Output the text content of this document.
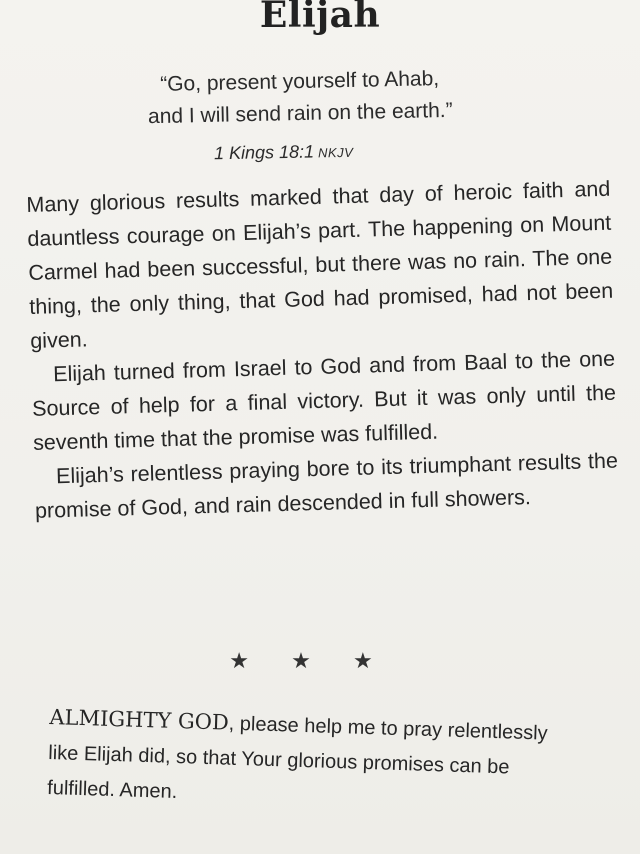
Elijah
“Go, present yourself to Ahab,
and I will send rain on the earth.”
1 Kings 18:1 NKJV

Many glorious results marked that day of heroic faith and dauntless courage on Elijah’s part. The happening on Mount Carmel had been successful, but there was no rain. The one thing, the only thing, that God had promised, had not been given.

Elijah turned from Israel to God and from Baal to the one Source of help for a final victory. But it was only until the seventh time that the promise was fulfilled.

Elijah’s relentless praying bore to its triumphant results the promise of God, and rain descended in full showers.

★ ★ ★
ALMIGHTY GOD, please help me to pray relentlessly like Elijah did, so that Your glorious promises can be fulfilled. Amen.
